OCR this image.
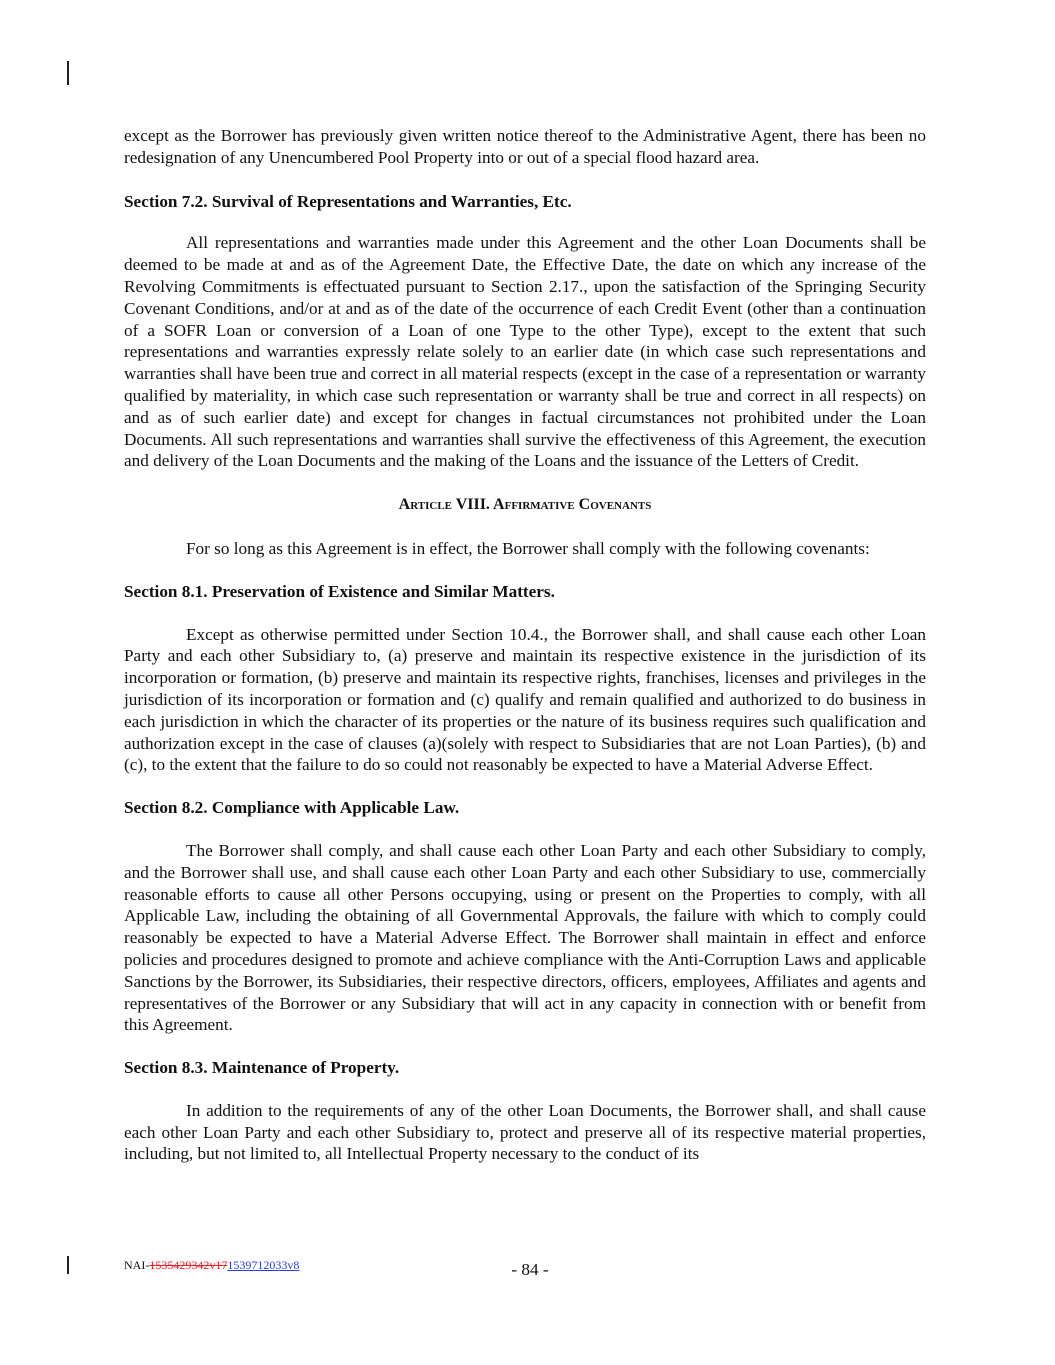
except as the Borrower has previously given written notice thereof to the Administrative Agent, there has been no redesignation of any Unencumbered Pool Property into or out of a special flood hazard area.

Section 7.2. Survival of Representations and Warranties, Etc.

All representations and warranties made under this Agreement and the other Loan Documents shall be deemed to be made at and as of the Agreement Date, the Effective Date, the date on which any increase of the Revolving Commitments is effectuated pursuant to Section 2.17., upon the satisfaction of the Springing Security Covenant Conditions, and/or at and as of the date of the occurrence of each Credit Event (other than a continuation of a SOFR Loan or conversion of a Loan of one Type to the other Type), except to the extent that such representations and warranties expressly relate solely to an earlier date (in which case such representations and warranties shall have been true and correct in all material respects (except in the case of a representation or warranty qualified by materiality, in which case such representation or warranty shall be true and correct in all respects) on and as of such earlier date) and except for changes in factual circumstances not prohibited under the Loan Documents. All such representations and warranties shall survive the effectiveness of this Agreement, the execution and delivery of the Loan Documents and the making of the Loans and the issuance of the Letters of Credit.

Article VIII. Affirmative Covenants

For so long as this Agreement is in effect, the Borrower shall comply with the following covenants:

Section 8.1. Preservation of Existence and Similar Matters.

Except as otherwise permitted under Section 10.4., the Borrower shall, and shall cause each other Loan Party and each other Subsidiary to, (a) preserve and maintain its respective existence in the jurisdiction of its incorporation or formation, (b) preserve and maintain its respective rights, franchises, licenses and privileges in the jurisdiction of its incorporation or formation and (c) qualify and remain qualified and authorized to do business in each jurisdiction in which the character of its properties or the nature of its business requires such qualification and authorization except in the case of clauses (a)(solely with respect to Subsidiaries that are not Loan Parties), (b) and (c), to the extent that the failure to do so could not reasonably be expected to have a Material Adverse Effect.

Section 8.2. Compliance with Applicable Law.

The Borrower shall comply, and shall cause each other Loan Party and each other Subsidiary to comply, and the Borrower shall use, and shall cause each other Loan Party and each other Subsidiary to use, commercially reasonable efforts to cause all other Persons occupying, using or present on the Properties to comply, with all Applicable Law, including the obtaining of all Governmental Approvals, the failure with which to comply could reasonably be expected to have a Material Adverse Effect. The Borrower shall maintain in effect and enforce policies and procedures designed to promote and achieve compliance with the Anti-Corruption Laws and applicable Sanctions by the Borrower, its Subsidiaries, their respective directors, officers, employees, Affiliates and agents and representatives of the Borrower or any Subsidiary that will act in any capacity in connection with or benefit from this Agreement.

Section 8.3. Maintenance of Property.

In addition to the requirements of any of the other Loan Documents, the Borrower shall, and shall cause each other Loan Party and each other Subsidiary to, protect and preserve all of its respective material properties, including, but not limited to, all Intellectual Property necessary to the conduct of its

NAI-1535429342v171539712033v8	- 84 -
